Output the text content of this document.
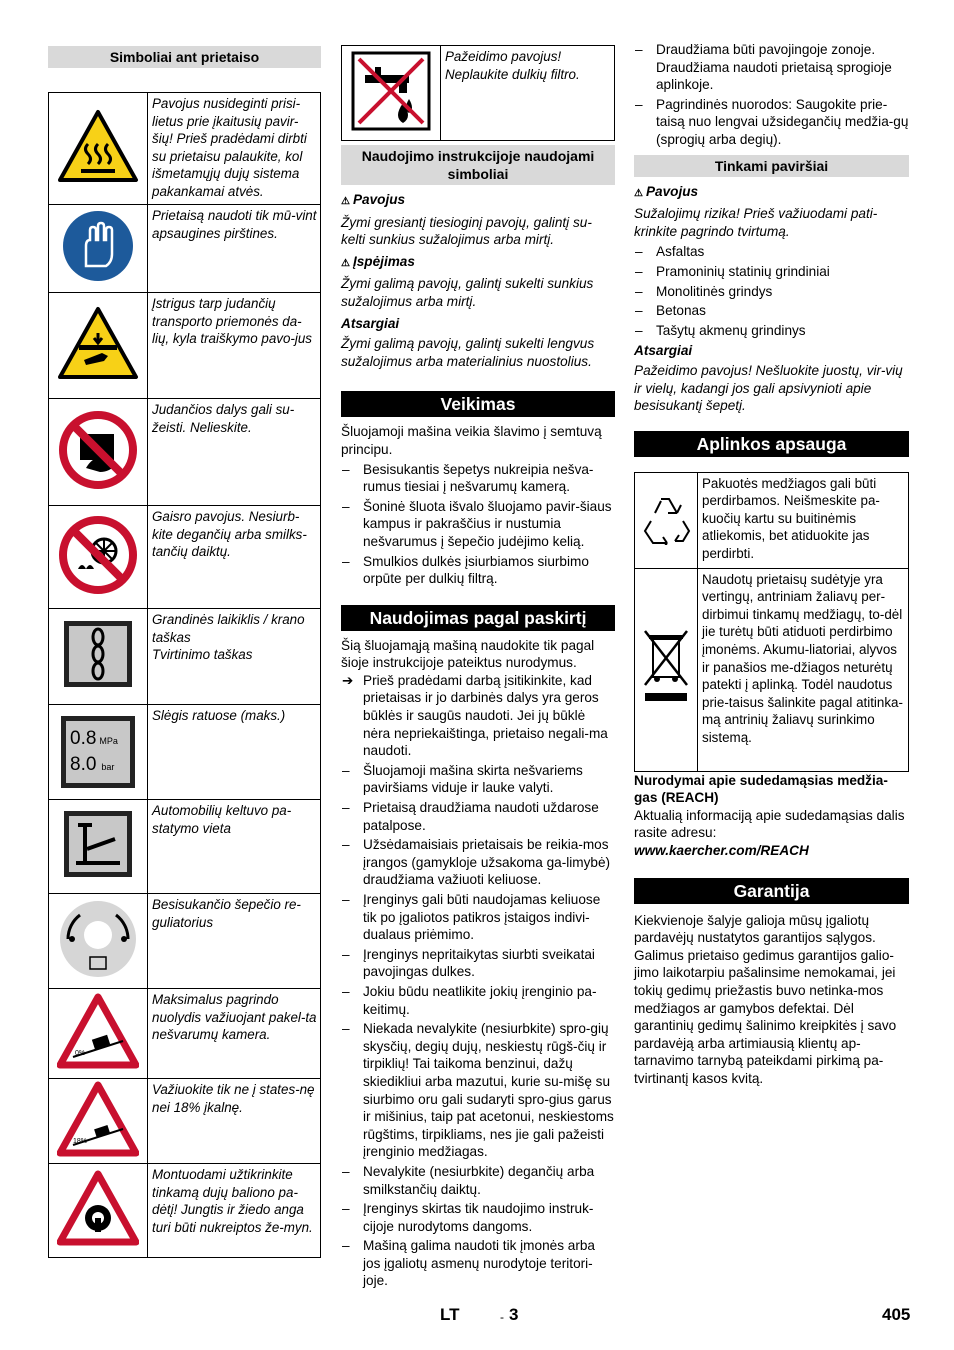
Simboliai ant prietaiso
	Pavojus nusideginti prisi-lietus prie įkaitusių pavir-šių! Prieš pradėdami dirbti su prietaisu palaukite, kol išmetamųjų dujų sistema pakankamai atvės.
	Prietaisą naudoti tik mū-vint apsaugines pirštines.
	Įstrigus tarp judančių transporto priemonės da-lių, kyla traiškymo pavo-jus
	Judančios dalys gali su-žeisti. Nelieskite.
	Gaisro pavojus. Nesiurb-kite degančių arba smilks-tančių daiktų.
	Grandinės laikiklis / krano taškas
Tvirtinimo taškas

0.8 MPa
8.0 bar	Slėgis ratuose (maks.)
	Automobilių keltuvo pa-statymo vieta
	Besisukančio šepečio re-guliatorius

0%	Maksimalus pagrindo nuolydis važiuojant pakel-ta nešvarumų kamera.

18%	Važiuokite tik ne į states-nę nei 18% įkalnę.
	Montuodami užtikrinkite tinkamą dujų baliono pa-dėtį! Jungtis ir žiedo anga turi būti nukreiptos že-myn.
	Pažeidimo pavojus!
Neplaukite dulkių filtro.
Naudojimo instrukcijoje naudojami simboliai
⚠ Pavojus
Žymi gresiantį tiesioginį pavojų, galintį su-kelti sunkius sužalojimus arba mirtį.
⚠ Įspėjimas
Žymi galimą pavojų, galintį sukelti sunkius sužalojimus arba mirtį.
Atsargiai
Žymi galimą pavojų, galintį sukelti lengvus sužalojimus arba materialinius nuostolius.
Veikimas
Šluojamoji mašina veikia šlavimo į semtuvą principu.
– Besisukantis šepetys nukreipia nešva-rumus tiesiai į nešvarumų kamerą.
– Šoninė šluota išvalo šluojamo pavir-šiaus kampus ir pakraščius ir nustumia nešvarumus į šepečio judėjimo kelią.
– Smulkios dulkės įsiurbiamos siurbimo orpūte per dulkių filtrą.
Naudojimas pagal paskirtį
Šią šluojamąją mašiną naudokite tik pagal šioje instrukcijoje pateiktus nurodymus.
➔ Prieš pradėdami darbą įsitikinkite, kad prietaisas ir jo darbinės dalys yra geros būklės ir saugūs naudoti. Jei jų būklė nėra nepriekaištinga, prietaiso negali-ma naudoti.
– Šluojamoji mašina skirta nešvariems paviršiams viduje ir lauke valyti.
– Prietaisą draudžiama naudoti uždarose patalpose.
– Užsėdamaisiais prietaisais be reikia-mos įrangos (gamykloje užsakoma ga-limybė) draudžiama važiuoti keliuose.
– Įrenginys gali būti naudojamas keliuose tik po įgaliotos patikros įstaigos indivi-dualaus priėmimo.
– Įrenginys nepritaikytas siurbti sveikatai pavojingas dulkes.
– Jokiu būdu neatlikite jokių įrenginio pa-keitimų.
– Niekada nevalykite (nesiurbkite) spro-gių skysčių, degių dujų, neskiestų rūgš-čių ir tirpiklių! Tai taikoma benzinui, dažų skiedikliui arba mazutui, kurie su-mišę su siurbimo oru gali sudaryti spro-gius garus ir mišinius, taip pat acetonui, neskiestoms rūgštims, tirpikliams, nes jie gali pažeisti įrenginio medžiagas.
– Nevalykite (nesiurbkite) degančių arba smilkstančių daiktų.
– Įrenginys skirtas tik naudojimo instruk-cijoje nurodytoms dangoms.
– Mašiną galima naudoti tik įmonės arba jos įgaliotų asmenų nurodytoje teritori-joje.
– Draudžiama būti pavojingoje zonoje. Draudžiama naudoti prietaisą sprogioje aplinkoje.
– Pagrindinės nuorodos: Saugokite prie-taisą nuo lengvai užsidegančių medžia-gų (sprogių arba degių).
Tinkami paviršiai
⚠ Pavojus
Sužalojimų rizika! Prieš važiuodami pati-krinkite pagrindo tvirtumą.
– Asfaltas
– Pramoninių statinių grindiniai
– Monolitinės grindys
– Betonas
– Tašytų akmenų grindinys
Atsargiai
Pažeidimo pavojus! Nešluokite juostų, vir-vių ir vielų, kadangi jos gali apsivynioti apie besisukantį šepetį.
Aplinkos apsauga
	Pakuotės medžiagos gali būti perdirbamos. Neišmeskite pa-kuočių kartu su buitinėmis atliekomis, bet atiduokite jas perdirbti.
	Naudotų prietaisų sudėtyje yra vertingų, antriniam žaliavų per-dirbimui tinkamų medžiagų, to-dėl jie turėtų būti atiduoti perdirbimo įmonėms. Akumu-liatoriai, alyvos ir panašios me-džiagos neturėtų patekti į aplinką. Todėl naudotus prie-taisus šalinkite pagal atitinka-mą antrinių žaliavų surinkimo sistemą.
Nurodymai apie sudedamąsias medžia-gas (REACH)
Aktualią informaciją apie sudedamąsias dalis rasite adresu:
www.kaercher.com/REACH
Garantija
Kiekvienoje šalyje galioja mūsų įgaliotų pardavėjų nustatytos garantijos sąlygos. Galimus prietaiso gedimus garantijos galio-jimo laikotarpiu pašalinsime nemokamai, jei tokių gedimų priežastis buvo netinka-mos medžiagos ar gamybos defektai. Dėl garantinių gedimų šalinimo kreipkitės į savo pardavėją arba artimiausią klientų ap-tarnavimo tarnybą pateikdami pirkimą pa-tvirtinantį kasos kvitą.
LT	- 3	405
